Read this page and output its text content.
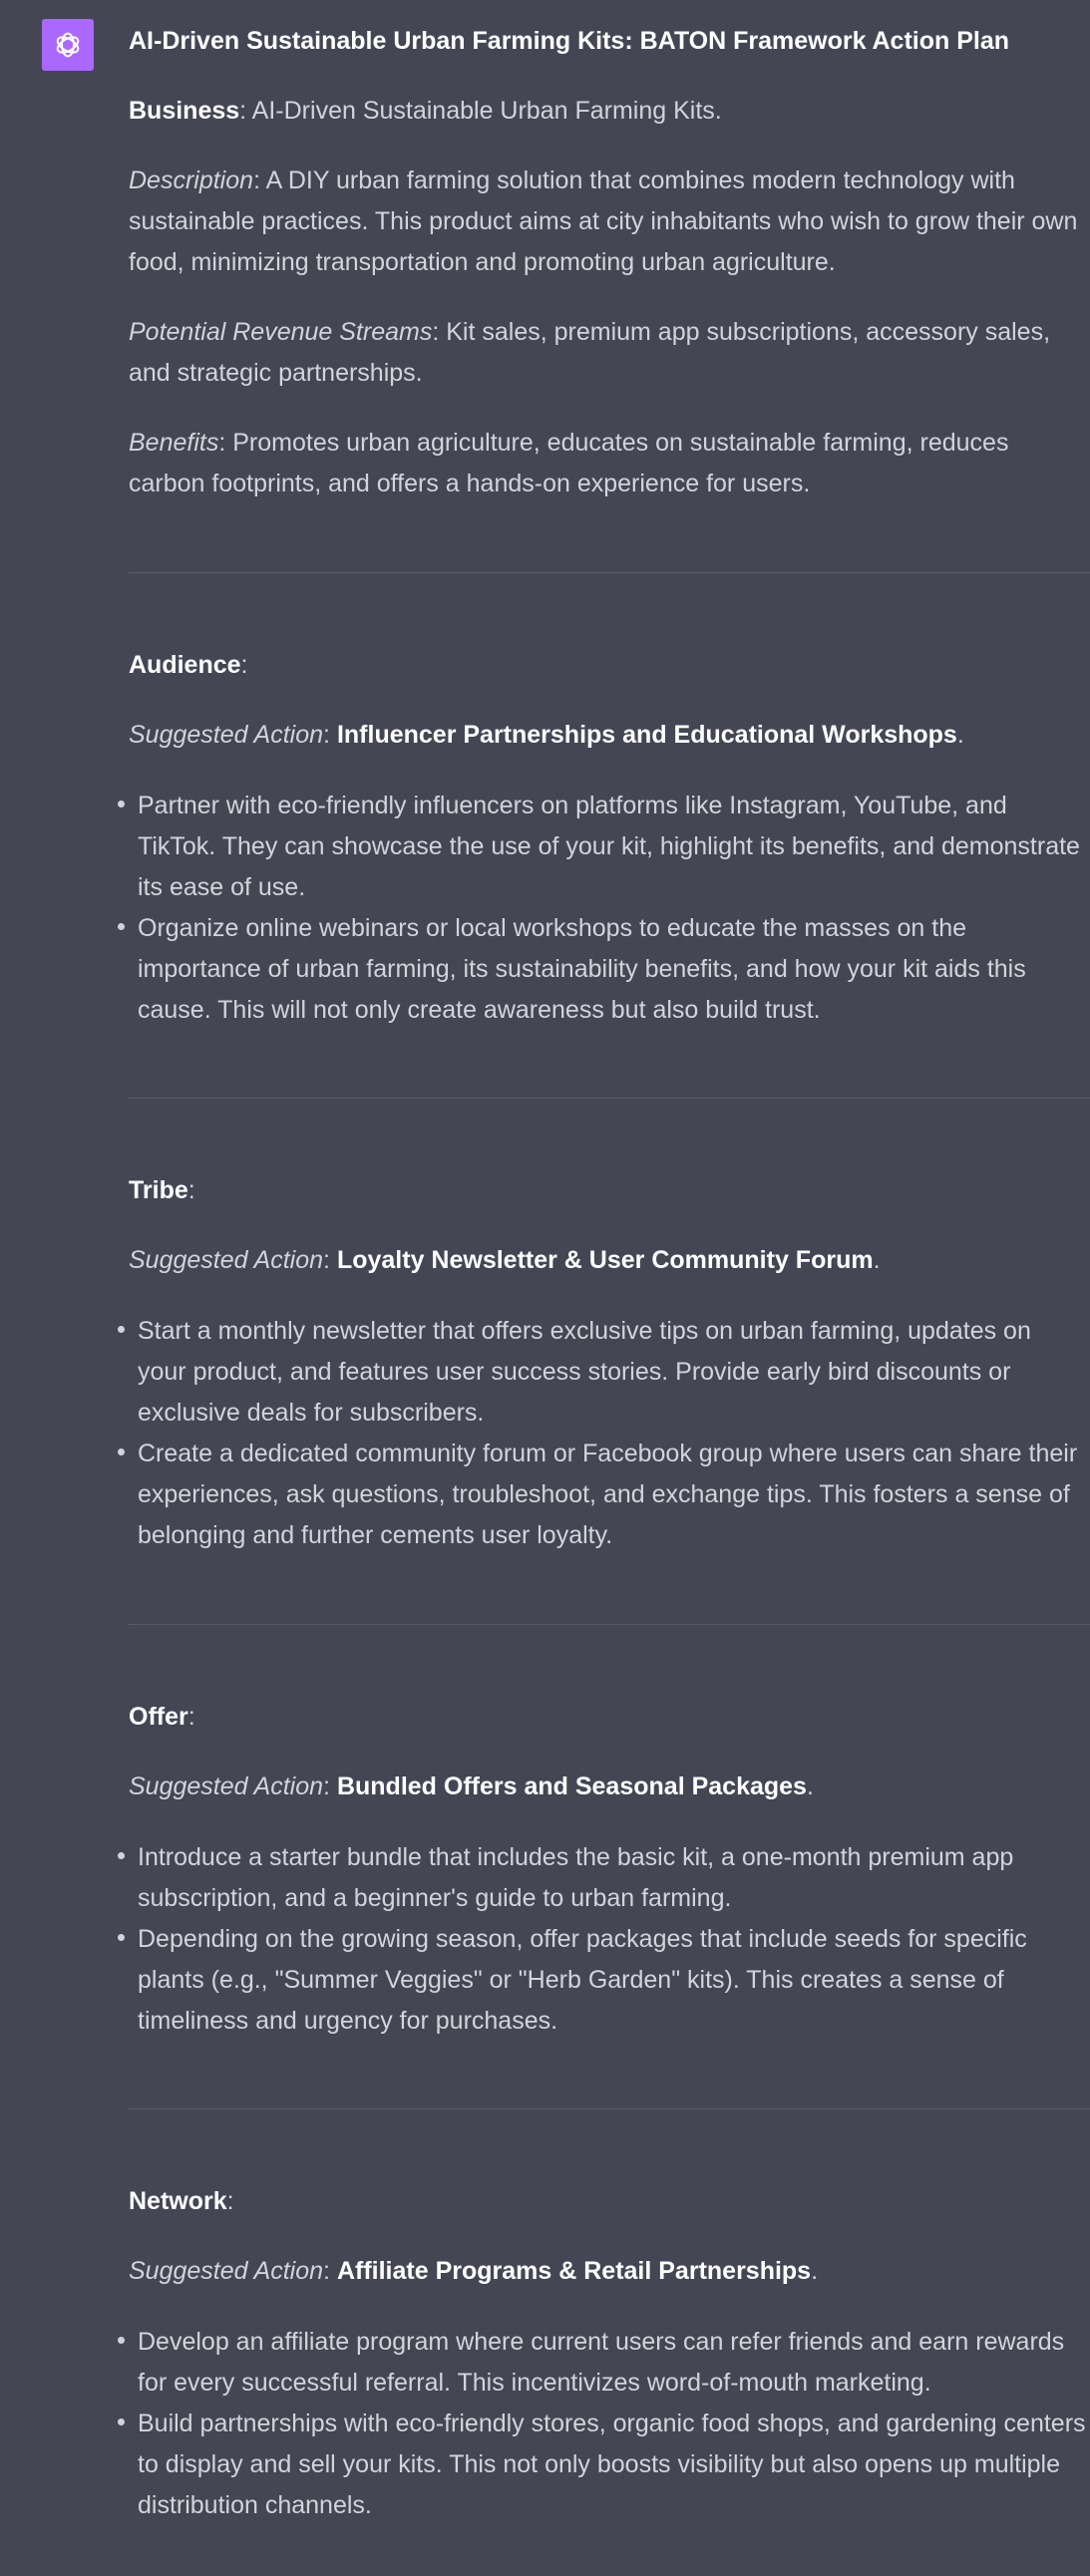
AI-Driven Sustainable Urban Farming Kits: BATON Framework Action Plan

Business: AI-Driven Sustainable Urban Farming Kits.

Description: A DIY urban farming solution that combines modern technology with sustainable practices. This product aims at city inhabitants who wish to grow their own food, minimizing transportation and promoting urban agriculture.

Potential Revenue Streams: Kit sales, premium app subscriptions, accessory sales, and strategic partnerships.

Benefits: Promotes urban agriculture, educates on sustainable farming, reduces carbon footprints, and offers a hands-on experience for users.

Audience:

Suggested Action: Influencer Partnerships and Educational Workshops.

Partner with eco-friendly influencers on platforms like Instagram, YouTube, and TikTok. They can showcase the use of your kit, highlight its benefits, and demonstrate its ease of use.
Organize online webinars or local workshops to educate the masses on the importance of urban farming, its sustainability benefits, and how your kit aids this cause. This will not only create awareness but also build trust.

Tribe:

Suggested Action: Loyalty Newsletter & User Community Forum.

Start a monthly newsletter that offers exclusive tips on urban farming, updates on your product, and features user success stories. Provide early bird discounts or exclusive deals for subscribers.
Create a dedicated community forum or Facebook group where users can share their experiences, ask questions, troubleshoot, and exchange tips. This fosters a sense of belonging and further cements user loyalty.

Offer:

Suggested Action: Bundled Offers and Seasonal Packages.

Introduce a starter bundle that includes the basic kit, a one-month premium app subscription, and a beginner's guide to urban farming.
Depending on the growing season, offer packages that include seeds for specific plants (e.g., "Summer Veggies" or "Herb Garden" kits). This creates a sense of timeliness and urgency for purchases.

Network:

Suggested Action: Affiliate Programs & Retail Partnerships.

Develop an affiliate program where current users can refer friends and earn rewards for every successful referral. This incentivizes word-of-mouth marketing.
Build partnerships with eco-friendly stores, organic food shops, and gardening centers to display and sell your kits. This not only boosts visibility but also opens up multiple distribution channels.
